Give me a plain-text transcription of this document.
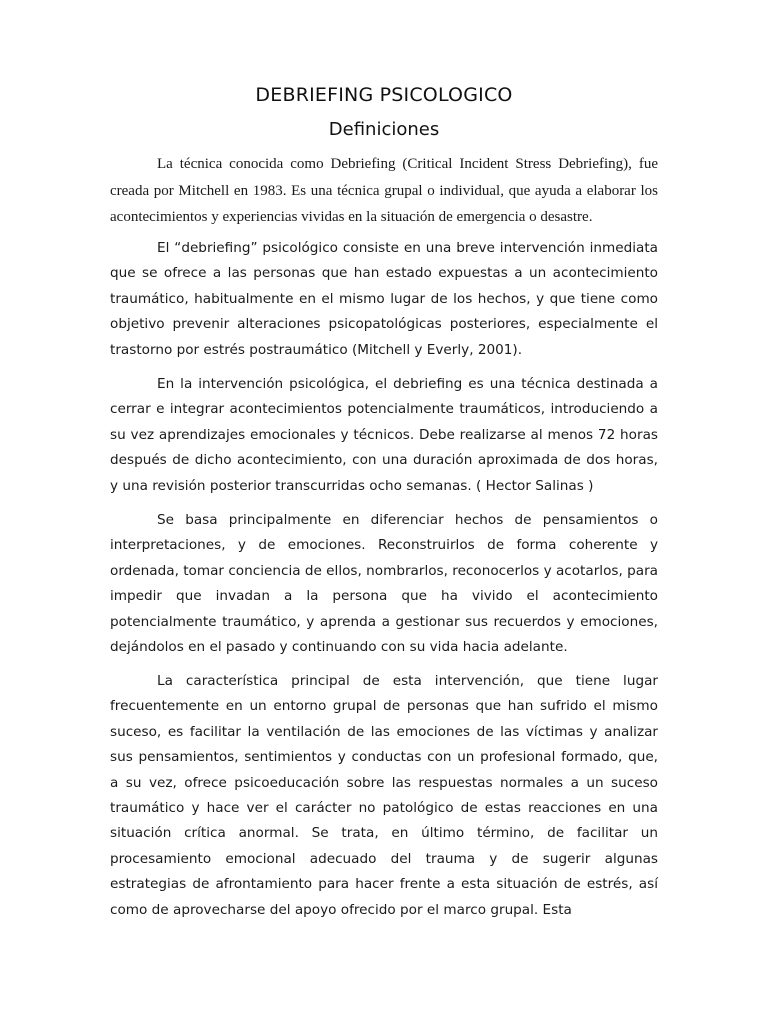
DEBRIEFING PSICOLOGICO
Definiciones

La técnica conocida como Debriefing (Critical Incident Stress Debriefing), fue creada por Mitchell en 1983. Es una técnica grupal o individual, que ayuda a elaborar los acontecimientos y experiencias vividas en la situación de emergencia o desastre.

El “debriefing” psicológico consiste en una breve intervención inmediata que se ofrece a las personas que han estado expuestas a un acontecimiento traumático, habitualmente en el mismo lugar de los hechos, y que tiene como objetivo prevenir alteraciones psicopatológicas posteriores, especialmente el trastorno por estrés postraumático (Mitchell y Everly, 2001).

En la intervención psicológica, el debriefing es una técnica destinada a cerrar e integrar acontecimientos potencialmente traumáticos, introduciendo a su vez aprendizajes emocionales y técnicos. Debe realizarse al menos 72 horas después de dicho acontecimiento, con una duración aproximada de dos horas, y una revisión posterior transcurridas ocho semanas. ( Hector Salinas )

Se basa principalmente en diferenciar hechos de pensamientos o interpretaciones, y de emociones. Reconstruirlos de forma coherente y ordenada, tomar conciencia de ellos, nombrarlos, reconocerlos y acotarlos, para impedir que invadan a la persona que ha vivido el acontecimiento potencialmente traumático, y aprenda a gestionar sus recuerdos y emociones, dejándolos en el pasado y continuando con su vida hacia adelante.

La característica principal de esta intervención, que tiene lugar frecuentemente en un entorno grupal de personas que han sufrido el mismo suceso, es facilitar la ventilación de las emociones de las víctimas y analizar sus pensamientos, sentimientos y conductas con un profesional formado, que, a su vez, ofrece psicoeducación sobre las respuestas normales a un suceso traumático y hace ver el carácter no patológico de estas reacciones en una situación crítica anormal. Se trata, en último término, de facilitar un procesamiento emocional adecuado del trauma y de sugerir algunas estrategias de afrontamiento para hacer frente a esta situación de estrés, así como de aprovecharse del apoyo ofrecido por el marco grupal. Esta
